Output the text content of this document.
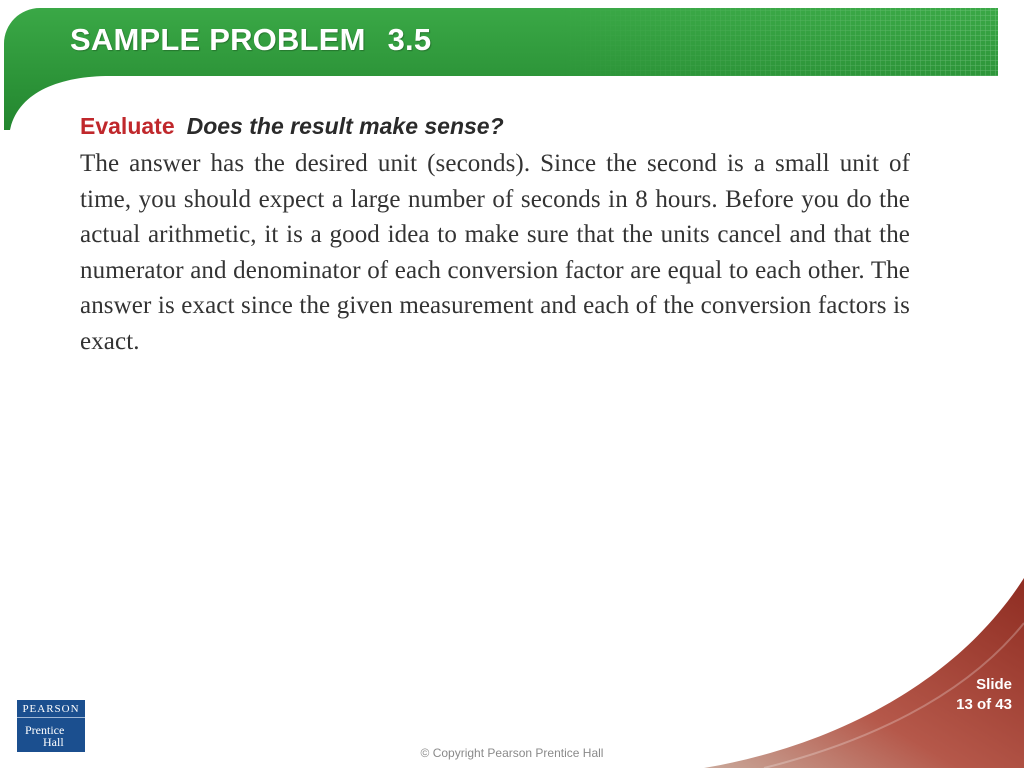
SAMPLE PROBLEM 3.5
Evaluate Does the result make sense?

The answer has the desired unit (seconds). Since the second is a small unit of time, you should expect a large number of seconds in 8 hours. Before you do the actual arithmetic, it is a good idea to make sure that the units cancel and that the numerator and denominator of each conversion factor are equal to each other. The answer is exact since the given measurement and each of the conversion factors is exact.

Slide
13 of 43
PEARSON
Prentice
Hall
© Copyright Pearson Prentice Hall
